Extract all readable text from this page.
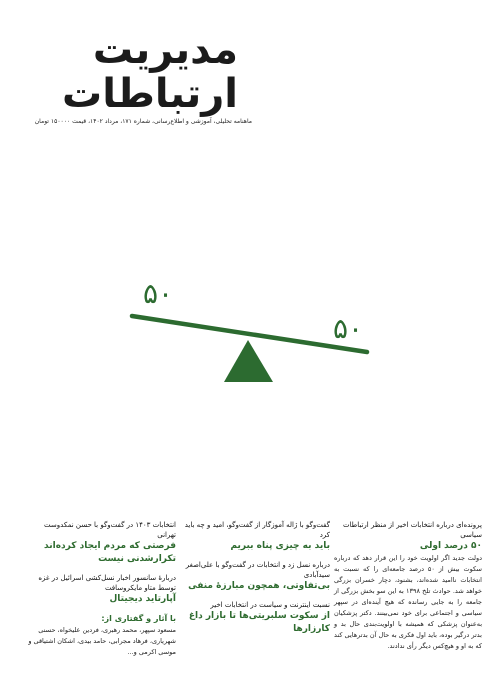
مدیریت
ارتباطات
ماهنامه تحلیلی، آموزشی و اطلاع‌رسانی، شماره ۱۷۱، مرداد ۱۴۰۲، قیمت ۱۵۰۰۰۰ تومان
۵۰
۵۰
پرونده‌ای درباره انتخابات اخیر از منظر ارتباطات سیاسی
۵۰ درصد اولی
دولت جدید اگر اولویت خود را این قرار دهد که درباره سکوت بیش از ۵۰ درصد جامعه‌ای را که نسبت به انتخابات ناامید شده‌اند، بشنود، دچار خسران بزرگی خواهد شد. حوادث تلخ ۱۳۹۸ به این سو بخش بزرگی از جامعه را به جایی رسانده که هیچ آینده‌ای در سپهر سیاسی و اجتماعی برای خود نمی‌بینند. دکتر پزشکیان به‌عنوان پزشکی که همیشه با اولویت‌بندی حال بد و بدتر درگیر بوده، باید اول فکری به حال آن بدترهایی کند که به او و هیچ‌کس دیگر رأی ندادند.
گفت‌وگو با ژاله آموزگار از گفت‌وگو، امید و چه باید کرد
باید به چیزی پناه ببریم
درباره نسل زد و انتخابات در گفت‌وگو با علی‌اصغر سیدآبادی
بی‌تفاوتی، همچون مبارزۀ منفی
نسبت اینترنت و سیاست در انتخابات اخیر
از سکوت سلبریتی‌ها تا بازار داغ کارزارها
انتخابات ۱۴۰۳ در گفت‌وگو با حسن نمکدوست تهرانی
فرصتی که مردم ایجاد کرده‌اند تکرارشدنی نیست
دربارۀ سانسور اخبار نسل‌کشی اسرائیل در غزه توسط متاو مایکروسافت
آپارتاید دیجیتال
با آثار و گفتاری از:
مسعود سپهر، محمد رهبری، فردین علیخواه، حسنی شهریاری، فرهاد مجرابی، حامد بیدی، اشکان اشتیاقی و موسی اکرمی و...
